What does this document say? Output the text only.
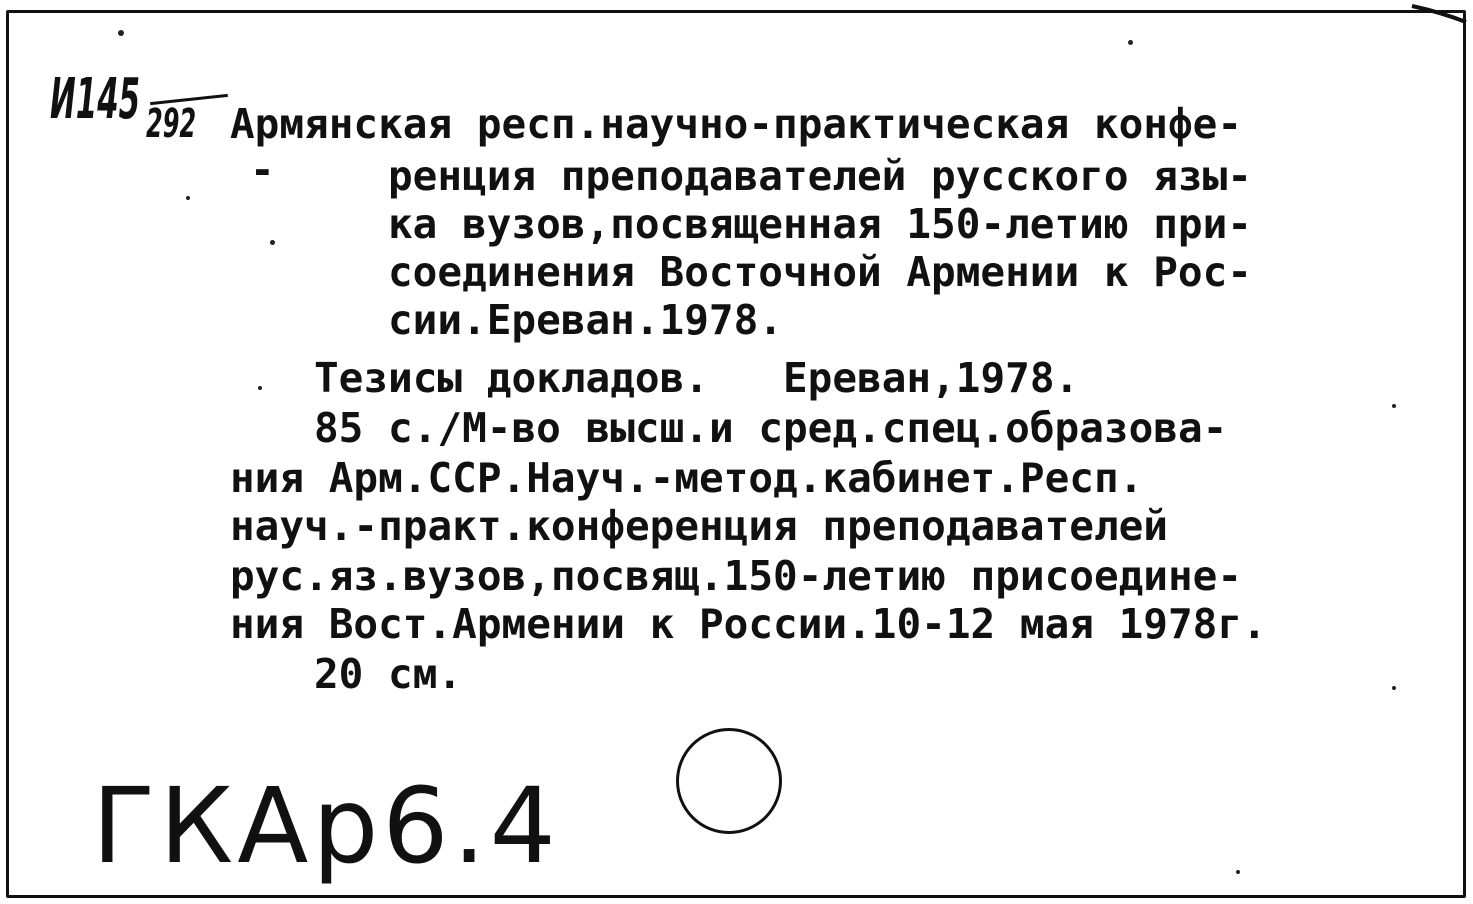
И145 292 Армянская респ.научно-практическая конфе-
-	ренция преподавателей русского язы-
ка вузов,посвященная 150-летию при-
соединения Восточной Армении к Рос-
сии.Ереван.1978.
Тезисы докладов.   Ереван,1978.
85 с./М-во высш.и сред.спец.образова-
ния Арм.ССР.Науч.-метод.кабинет.Респ.
науч.-практ.конференция преподавателей
рус.яз.вузов,посвящ.150-летию присоедине-
ния Вост.Армении к России.10-12 мая 1978г.
20 см.
ГКАр6.4
